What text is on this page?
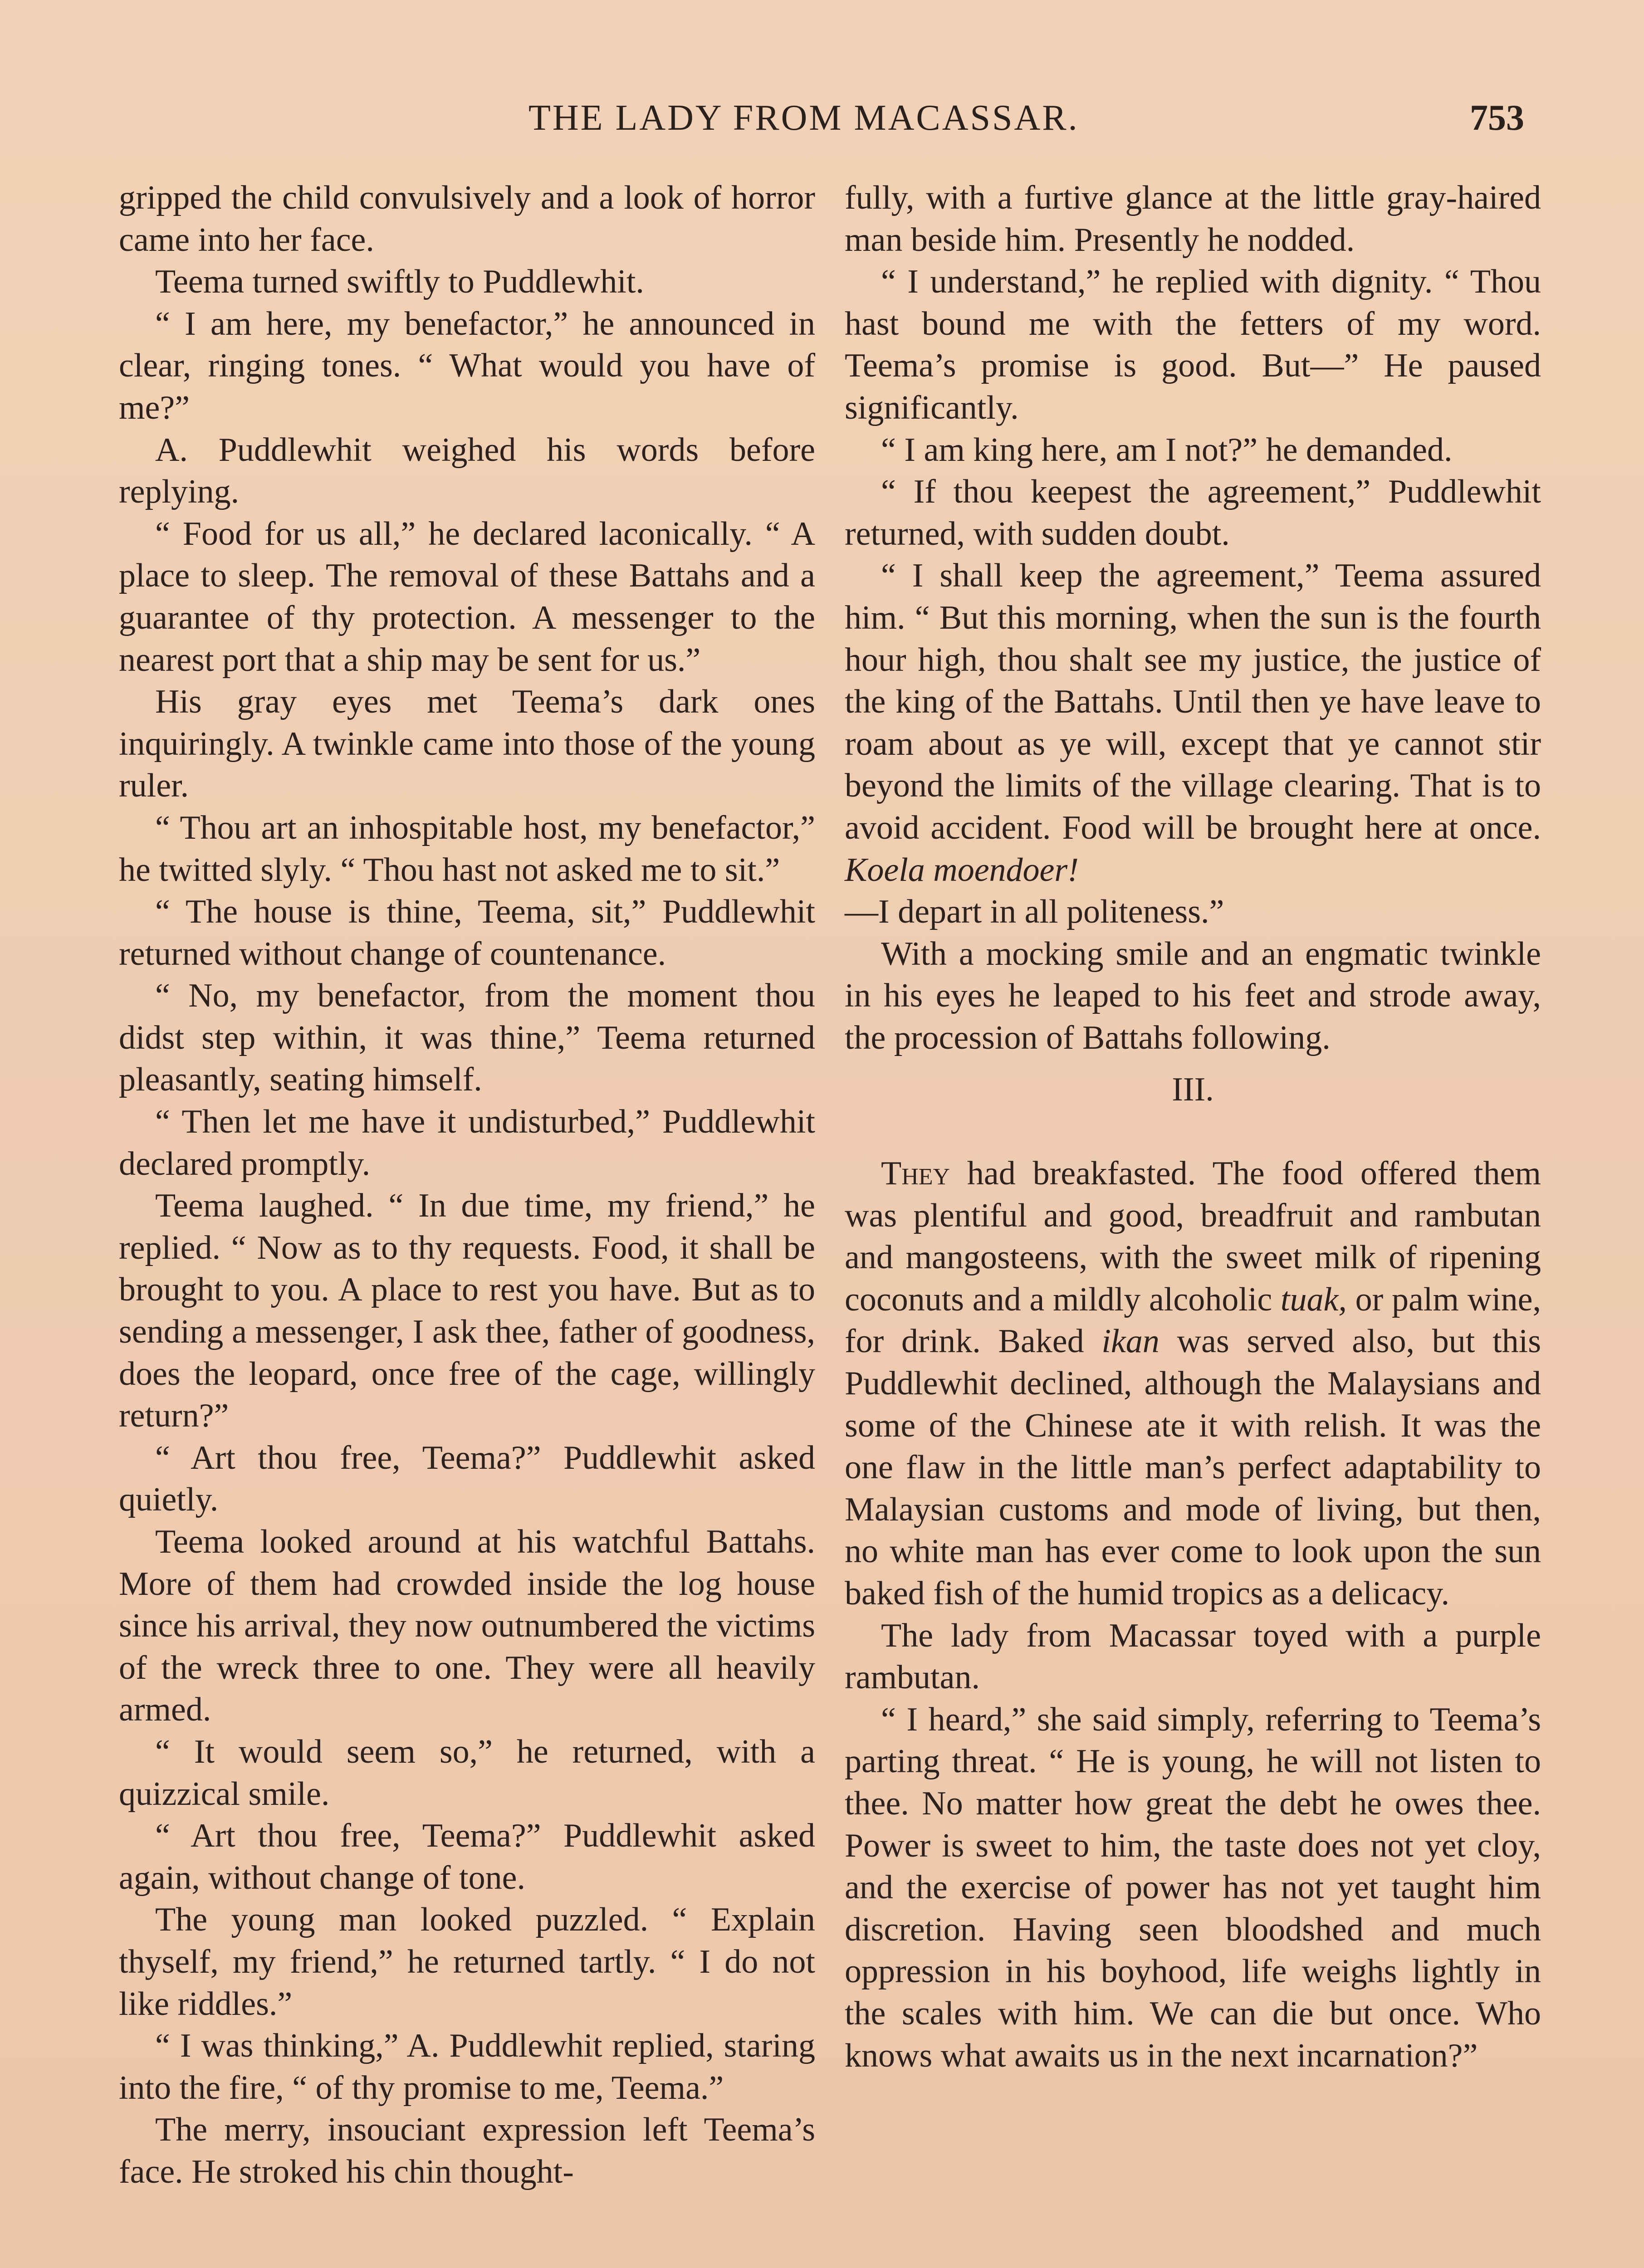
THE LADY FROM MACASSAR.	753

gripped the child convulsively and a look of horror came into her face.

Teema turned swiftly to Puddlewhit.

“ I am here, my benefactor,” he announced in clear, ringing tones. “ What would you have of me?”

A. Puddlewhit weighed his words before replying.

“ Food for us all,” he declared laconically. “ A place to sleep. The removal of these Battahs and a guarantee of thy protection. A messenger to the nearest port that a ship may be sent for us.”

His gray eyes met Teema’s dark ones inquiringly. A twinkle came into those of the young ruler.

“ Thou art an inhospitable host, my benefactor,” he twitted slyly. “ Thou hast not asked me to sit.”

“ The house is thine, Teema, sit,” Puddlewhit returned without change of countenance.

“ No, my benefactor, from the moment thou didst step within, it was thine,” Teema returned pleasantly, seating himself.

“ Then let me have it undisturbed,” Puddlewhit declared promptly.

Teema laughed. “ In due time, my friend,” he replied. “ Now as to thy requests. Food, it shall be brought to you. A place to rest you have. But as to sending a messenger, I ask thee, father of goodness, does the leopard, once free of the cage, willingly return?”

“ Art thou free, Teema?” Puddlewhit asked quietly.

Teema looked around at his watchful Battahs. More of them had crowded inside the log house since his arrival, they now outnumbered the victims of the wreck three to one. They were all heavily armed.

“ It would seem so,” he returned, with a quizzical smile.

“ Art thou free, Teema?” Puddlewhit asked again, without change of tone.

The young man looked puzzled. “ Explain thyself, my friend,” he returned tartly. “ I do not like riddles.”

“ I was thinking,” A. Puddlewhit replied, staring into the fire, “ of thy promise to me, Teema.”

The merry, insouciant expression left Teema’s face. He stroked his chin thought-

fully, with a furtive glance at the little gray-haired man beside him. Presently he nodded.

“ I understand,” he replied with dignity. “ Thou hast bound me with the fetters of my word. Teema’s promise is good. But—” He paused significantly.

“ I am king here, am I not?” he demanded.

“ If thou keepest the agreement,” Puddlewhit returned, with sudden doubt.

“ I shall keep the agreement,” Teema assured him. “ But this morning, when the sun is the fourth hour high, thou shalt see my justice, the justice of the king of the Battahs. Until then ye have leave to roam about as ye will, except that ye cannot stir beyond the limits of the village clearing. That is to avoid accident. Food will be brought here at once. Koela moendoer!
—I depart in all politeness.”

With a mocking smile and an engmatic twinkle in his eyes he leaped to his feet and strode away, the procession of Battahs following.

III.

They had breakfasted. The food offered them was plentiful and good, breadfruit and rambutan and mangosteens, with the sweet milk of ripening coconuts and a mildly alcoholic tuak, or palm wine, for drink. Baked ikan was served also, but this Puddlewhit declined, although the Malaysians and some of the Chinese ate it with relish. It was the one flaw in the little man’s perfect adaptability to Malaysian customs and mode of living, but then, no white man has ever come to look upon the sun baked fish of the humid tropics as a delicacy.

The lady from Macassar toyed with a purple rambutan.

“ I heard,” she said simply, referring to Teema’s parting threat. “ He is young, he will not listen to thee. No matter how great the debt he owes thee. Power is sweet to him, the taste does not yet cloy, and the exercise of power has not yet taught him discretion. Having seen bloodshed and much oppression in his boyhood, life weighs lightly in the scales with him. We can die but once. Who knows what awaits us in the next incarnation?”
